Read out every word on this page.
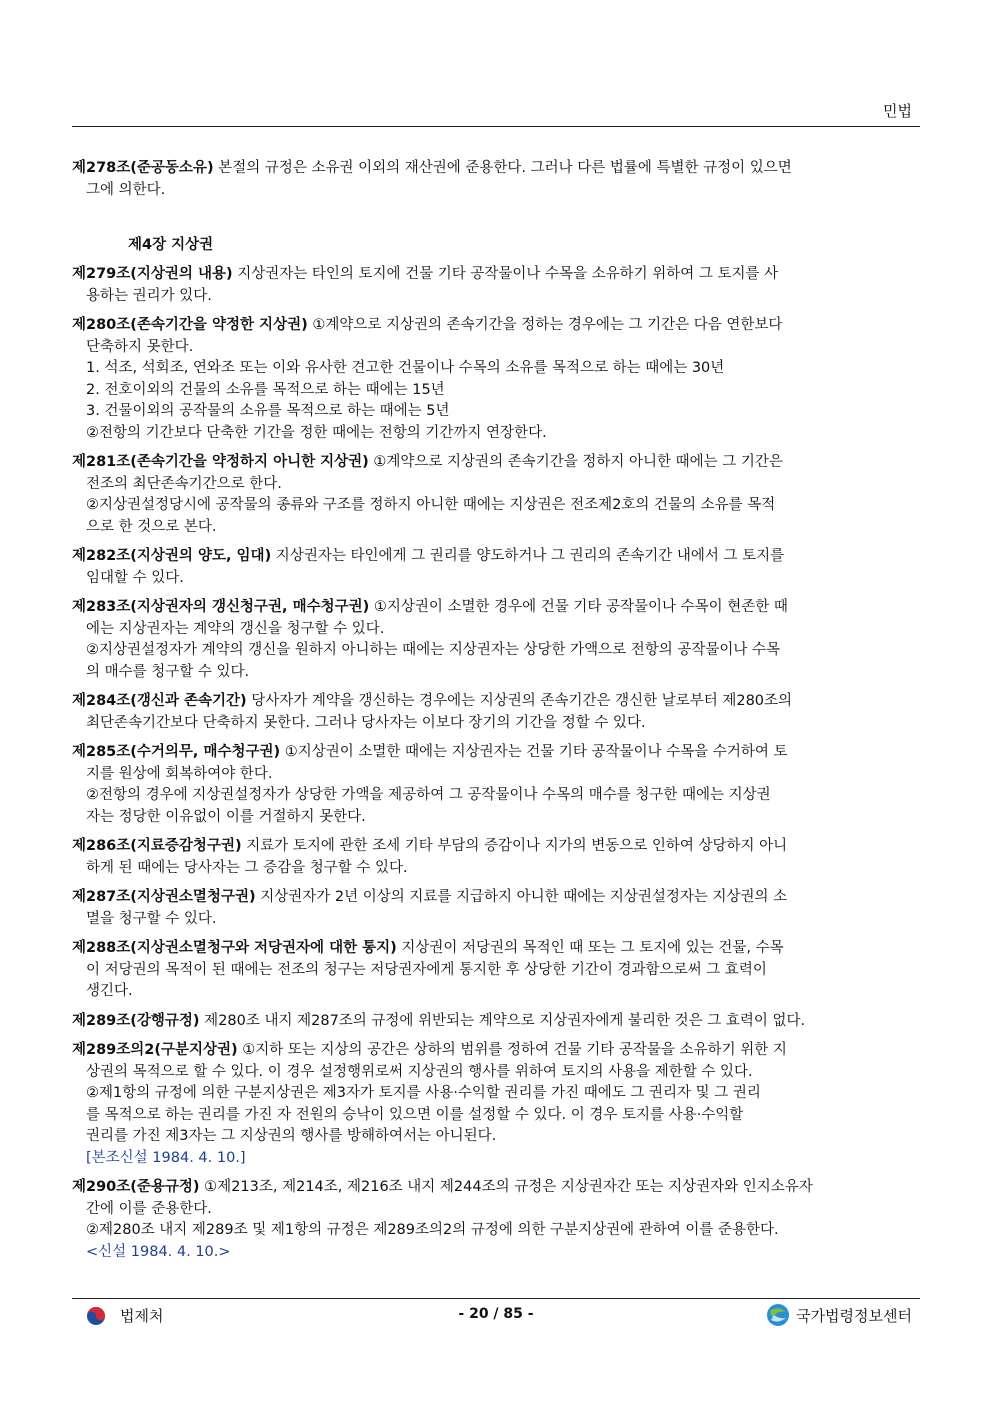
민법
제278조(준공동소유) 본절의 규정은 소유권 이외의 재산권에 준용한다. 그러나 다른 법률에 특별한 규정이 있으면
그에 의한다.
제4장 지상권
제279조(지상권의 내용) 지상권자는 타인의 토지에 건물 기타 공작물이나 수목을 소유하기 위하여 그 토지를 사
용하는 권리가 있다.
제280조(존속기간을 약정한 지상권) ①계약으로 지상권의 존속기간을 정하는 경우에는 그 기간은 다음 연한보다
단축하지 못한다.
1. 석조, 석회조, 연와조 또는 이와 유사한 견고한 건물이나 수목의 소유를 목적으로 하는 때에는 30년
2. 전호이외의 건물의 소유를 목적으로 하는 때에는 15년
3. 건물이외의 공작물의 소유를 목적으로 하는 때에는 5년
②전항의 기간보다 단축한 기간을 정한 때에는 전항의 기간까지 연장한다.
제281조(존속기간을 약정하지 아니한 지상권) ①계약으로 지상권의 존속기간을 정하지 아니한 때에는 그 기간은
전조의 최단존속기간으로 한다.
②지상권설정당시에 공작물의 종류와 구조를 정하지 아니한 때에는 지상권은 전조제2호의 건물의 소유를 목적
으로 한 것으로 본다.
제282조(지상권의 양도, 임대) 지상권자는 타인에게 그 권리를 양도하거나 그 권리의 존속기간 내에서 그 토지를
임대할 수 있다.
제283조(지상권자의 갱신청구권, 매수청구권) ①지상권이 소멸한 경우에 건물 기타 공작물이나 수목이 현존한 때
에는 지상권자는 계약의 갱신을 청구할 수 있다.
②지상권설정자가 계약의 갱신을 원하지 아니하는 때에는 지상권자는 상당한 가액으로 전항의 공작물이나 수목
의 매수를 청구할 수 있다.
제284조(갱신과 존속기간) 당사자가 계약을 갱신하는 경우에는 지상권의 존속기간은 갱신한 날로부터 제280조의
최단존속기간보다 단축하지 못한다. 그러나 당사자는 이보다 장기의 기간을 정할 수 있다.
제285조(수거의무, 매수청구권) ①지상권이 소멸한 때에는 지상권자는 건물 기타 공작물이나 수목을 수거하여 토
지를 원상에 회복하여야 한다.
②전항의 경우에 지상권설정자가 상당한 가액을 제공하여 그 공작물이나 수목의 매수를 청구한 때에는 지상권
자는 정당한 이유없이 이를 거절하지 못한다.
제286조(지료증감청구권) 지료가 토지에 관한 조세 기타 부담의 증감이나 지가의 변동으로 인하여 상당하지 아니
하게 된 때에는 당사자는 그 증감을 청구할 수 있다.
제287조(지상권소멸청구권) 지상권자가 2년 이상의 지료를 지급하지 아니한 때에는 지상권설정자는 지상권의 소
멸을 청구할 수 있다.
제288조(지상권소멸청구와 저당권자에 대한 통지) 지상권이 저당권의 목적인 때 또는 그 토지에 있는 건물, 수목
이 저당권의 목적이 된 때에는 전조의 청구는 저당권자에게 통지한 후 상당한 기간이 경과함으로써 그 효력이
생긴다.
제289조(강행규정) 제280조 내지 제287조의 규정에 위반되는 계약으로 지상권자에게 불리한 것은 그 효력이 없다.
제289조의2(구분지상권) ①지하 또는 지상의 공간은 상하의 범위를 정하여 건물 기타 공작물을 소유하기 위한 지
상권의 목적으로 할 수 있다. 이 경우 설정행위로써 지상권의 행사를 위하여 토지의 사용을 제한할 수 있다.
②제1항의 규정에 의한 구분지상권은 제3자가 토지를 사용·수익할 권리를 가진 때에도 그 권리자 및 그 권리
를 목적으로 하는 권리를 가진 자 전원의 승낙이 있으면 이를 설정할 수 있다. 이 경우 토지를 사용·수익할
권리를 가진 제3자는 그 지상권의 행사를 방해하여서는 아니된다.
[본조신설 1984. 4. 10.]
제290조(준용규정) ①제213조, 제214조, 제216조 내지 제244조의 규정은 지상권자간 또는 지상권자와 인지소유자
간에 이를 준용한다.
②제280조 내지 제289조 및 제1항의 규정은 제289조의2의 규정에 의한 구분지상권에 관하여 이를 준용한다.
<신설 1984. 4. 10.>
법제처	- 20 / 85 -	국가법령정보센터
